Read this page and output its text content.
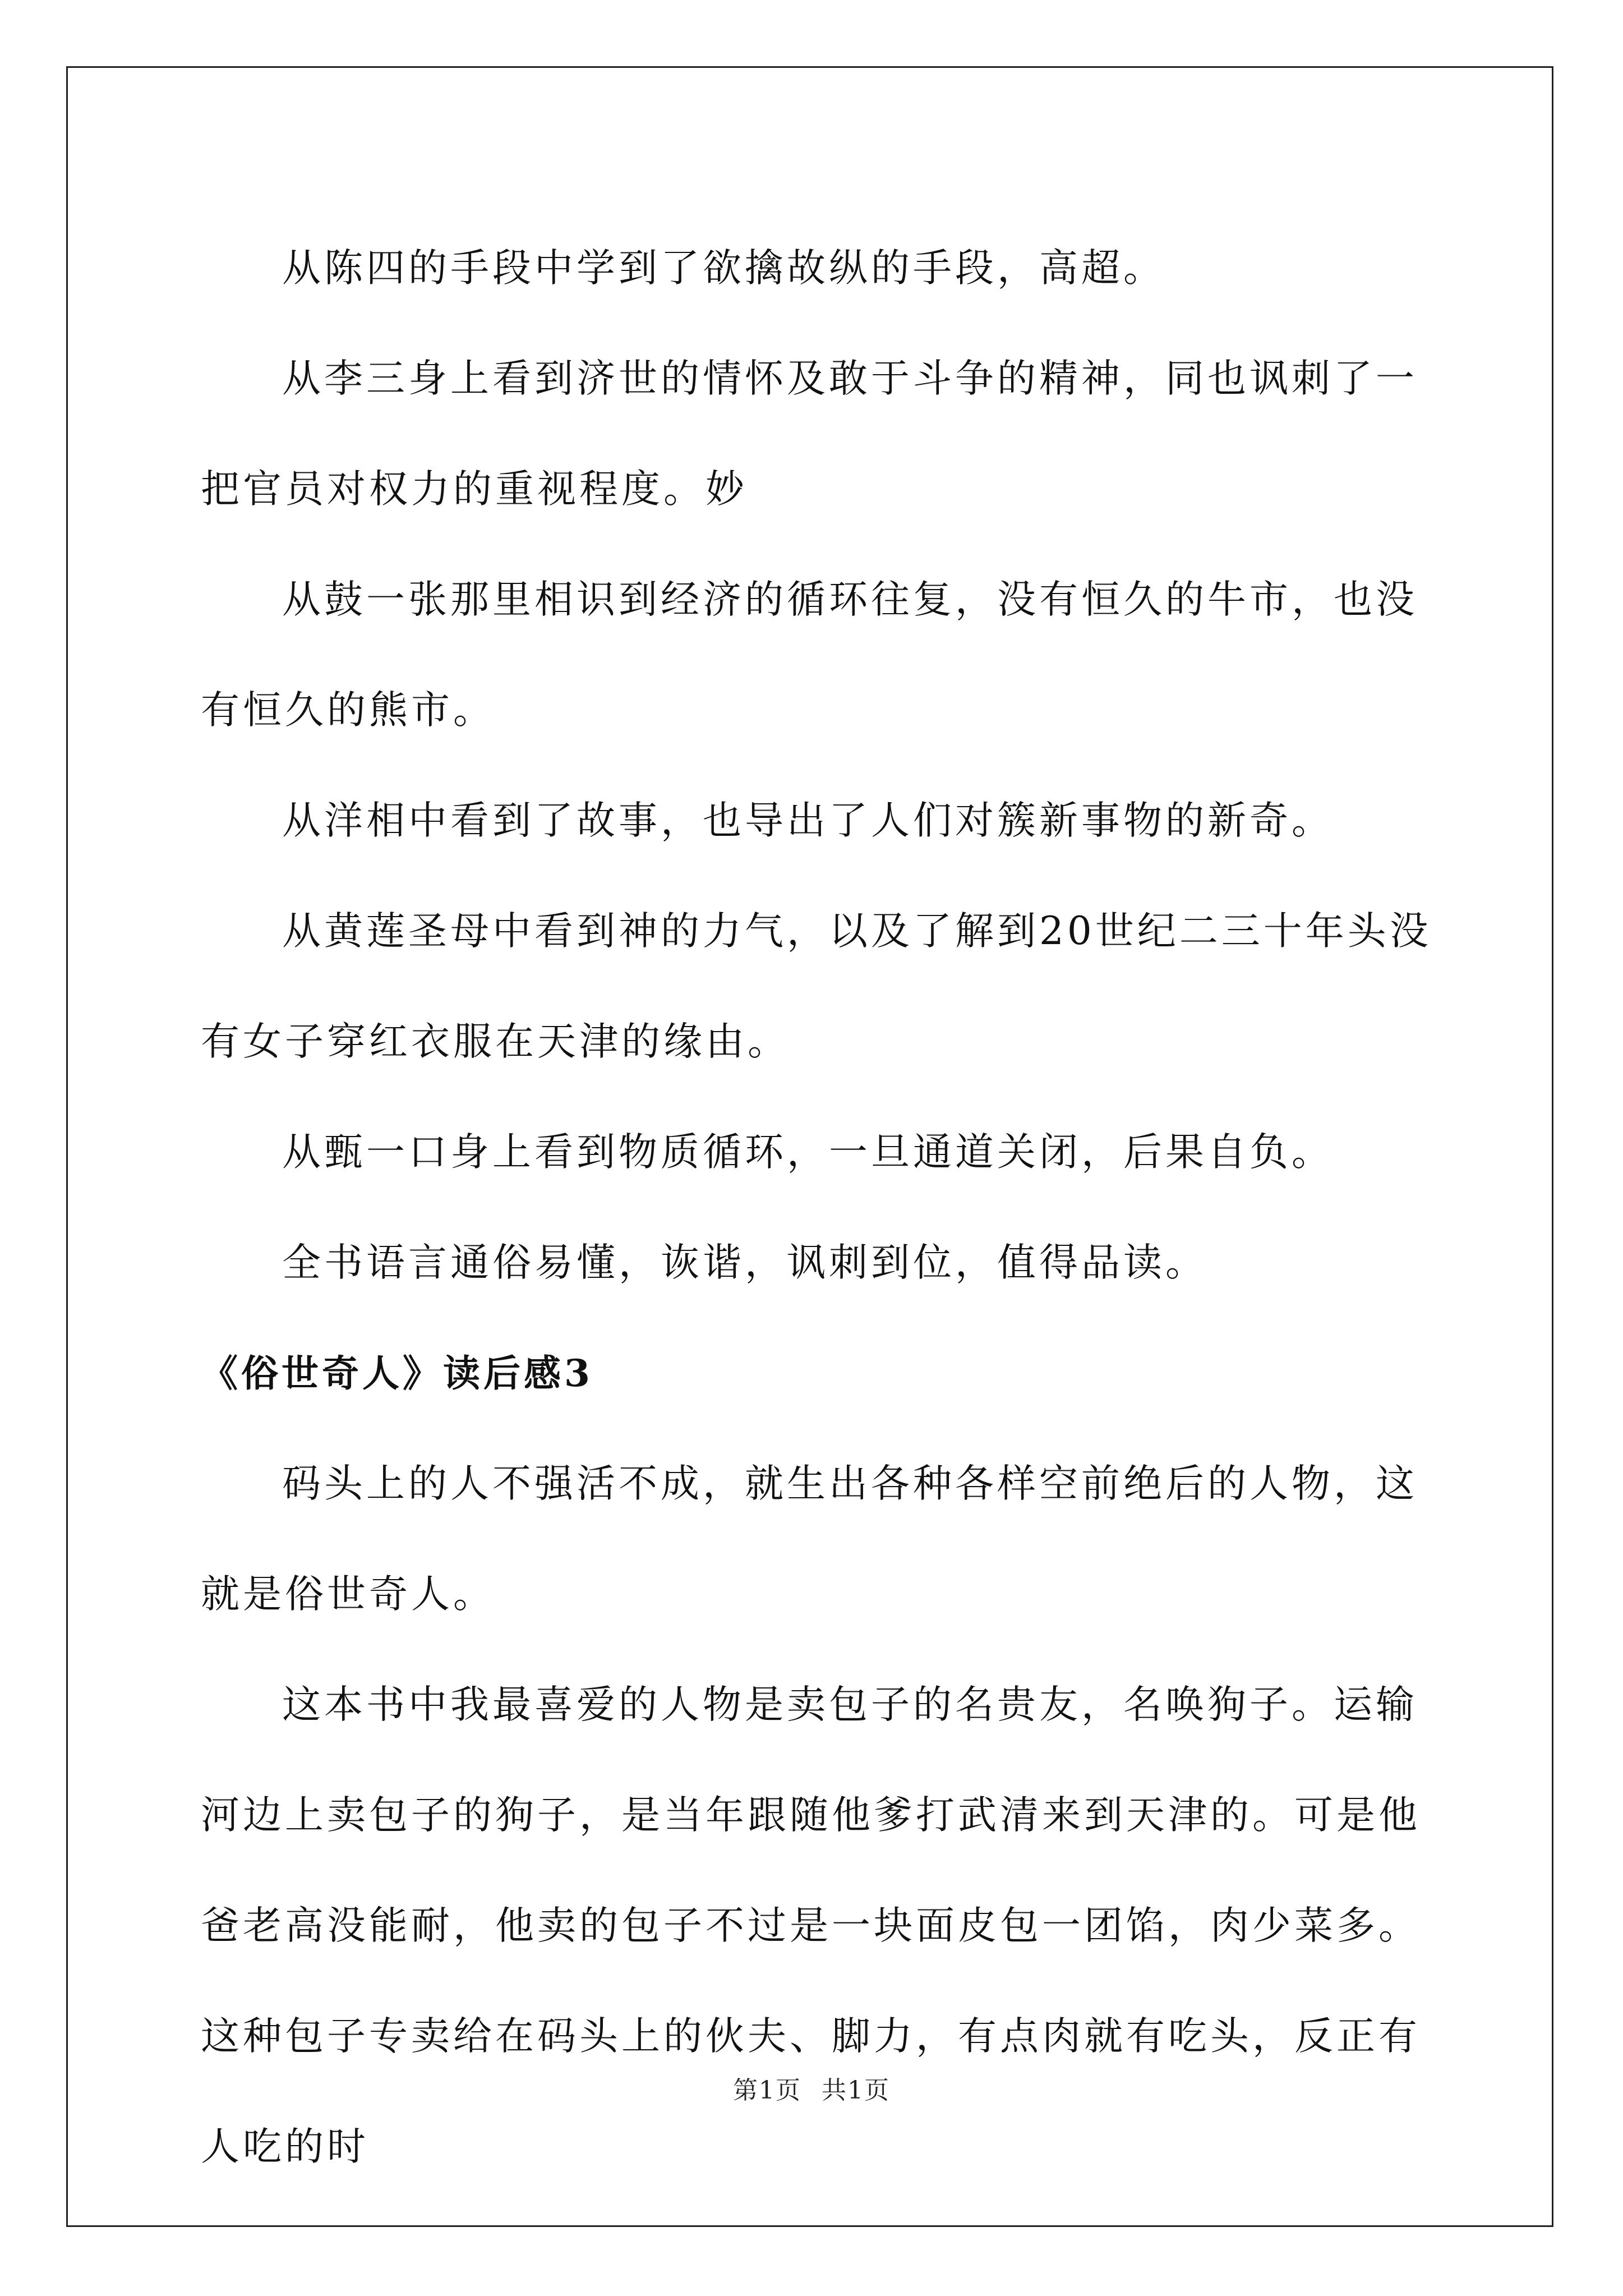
从陈四的手段中学到了欲擒故纵的手段，高超。

从李三身上看到济世的情怀及敢于斗争的精神，同也讽刺了一把官员对权力的重视程度。妙

从鼓一张那里相识到经济的循环往复，没有恒久的牛市，也没有恒久的熊市。

从洋相中看到了故事，也导出了人们对簇新事物的新奇。

从黄莲圣母中看到神的力气，以及了解到20世纪二三十年头没有女子穿红衣服在天津的缘由。

从甄一口身上看到物质循环，一旦通道关闭，后果自负。

全书语言通俗易懂，诙谐，讽刺到位，值得品读。

《俗世奇人》读后感3

码头上的人不强活不成，就生出各种各样空前绝后的人物，这就是俗世奇人。

这本书中我最喜爱的人物是卖包子的名贵友，名唤狗子。运输河边上卖包子的狗子，是当年跟随他爹打武清来到天津的。可是他爸老高没能耐，他卖的包子不过是一块面皮包一团馅，肉少菜多。这种包子专卖给在码头上的伙夫、脚力，有点肉就有吃头，反正有人吃的时

第1页 共1页
